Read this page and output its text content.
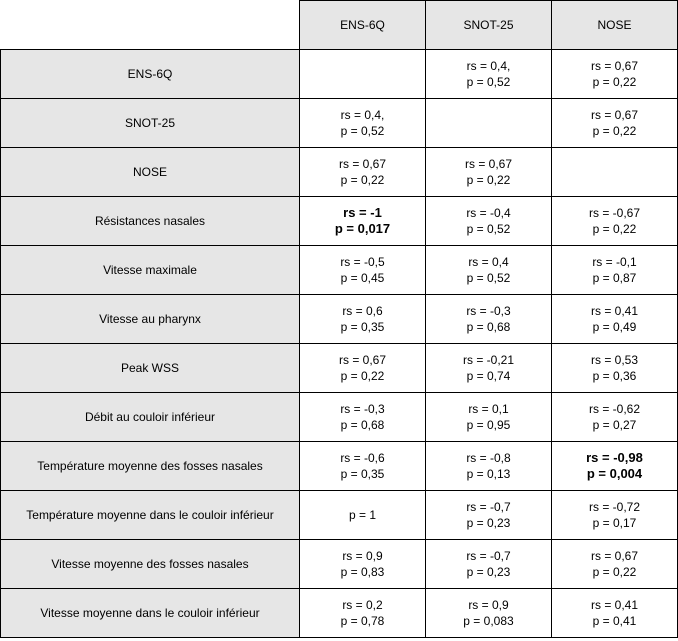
	ENS-6Q	SNOT-25	NOSE
ENS-6Q		rs = 0,4,
p = 0,52	rs = 0,67
p = 0,22

SNOT-25	rs = 0,4,
p = 0,52		rs = 0,67
p = 0,22

NOSE	rs = 0,67
p = 0,22	rs = 0,67
p = 0,22	

Résistances nasales	rs = -1
p = 0,017	rs = -0,4
p = 0,52	rs = -0,67
p = 0,22

Vitesse maximale	rs = -0,5
p = 0,45	rs = 0,4
p = 0,52	rs = -0,1
p = 0,87

Vitesse au pharynx	rs = 0,6
p = 0,35	rs = -0,3
p = 0,68	rs = 0,41
p = 0,49

Peak WSS	rs = 0,67
p = 0,22	rs = -0,21
p = 0,74	rs = 0,53
p = 0,36

Débit au couloir inférieur	rs = -0,3
p = 0,68	rs = 0,1
p = 0,95	rs = -0,62
p = 0,27

Température moyenne des fosses nasales	rs = -0,6
p = 0,35	rs = -0,8
p = 0,13	rs = -0,98
p = 0,004

Température moyenne dans le couloir inférieur	p = 1	rs = -0,7
p = 0,23	rs = -0,72
p = 0,17

Vitesse moyenne des fosses nasales	rs = 0,9
p = 0,83	rs = -0,7
p = 0,23	rs = 0,67
p = 0,22

Vitesse moyenne dans le couloir inférieur	rs = 0,2
p = 0,78	rs = 0,9
p = 0,083	rs = 0,41
p = 0,41
